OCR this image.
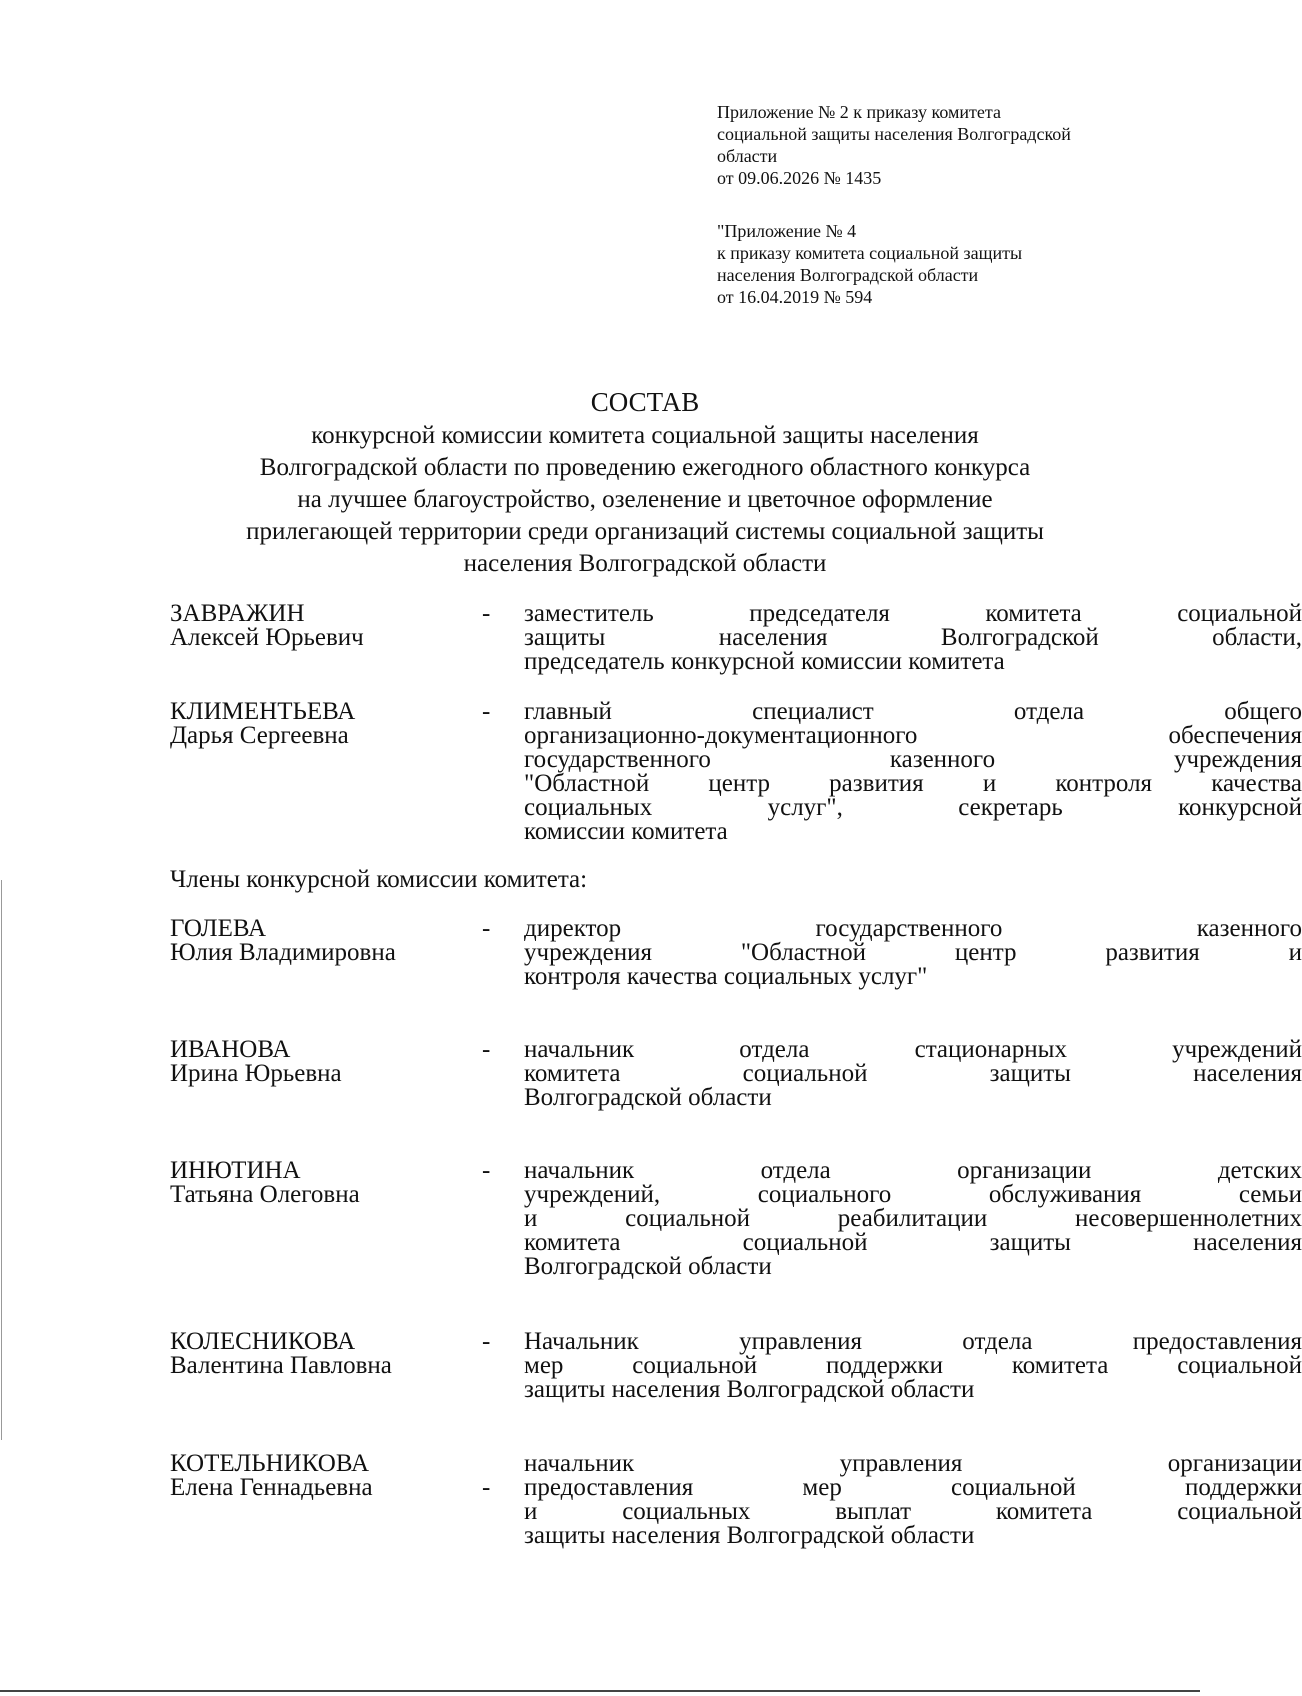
Приложение № 2 к приказу комитета
социальной защиты населения Волгоградской
области
от 09.06.2026 № 1435
"Приложение № 4
к приказу комитета социальной защиты
населения Волгоградской области
от 16.04.2019 № 594
СОСТАВ
конкурсной комиссии комитета социальной защиты населения
Волгоградской области по проведению ежегодного областного конкурса
на лучшее благоустройство, озеленение и цветочное оформление
прилегающей территории среди организаций системы социальной защиты
населения Волгоградской области
ЗАВРАЖИН
Алексей Юрьевич
- заместитель председателя комитета социальной
защиты населения Волгоградской области,
председатель конкурсной комиссии комитета
КЛИМЕНТЬЕВА
Дарья Сергеевна
- главный специалист отдела общего
организационно-документационного обеспечения
государственного казенного учреждения
"Областной центр развития и контроля качества
социальных услуг", секретарь конкурсной
комиссии комитета
Члены конкурсной комиссии комитета:
ГОЛЕВА
Юлия Владимировна
- директор государственного казенного
учреждения "Областной центр развития и
контроля качества социальных услуг"
ИВАНОВА
Ирина Юрьевна
- начальник отдела стационарных учреждений
комитета социальной защиты населения
Волгоградской области
ИНЮТИНА
Татьяна Олеговна
- начальник отдела организации детских
учреждений, социального обслуживания семьи
и социальной реабилитации несовершеннолетних
комитета социальной защиты населения
Волгоградской области
КОЛЕСНИКОВА
Валентина Павловна
- Начальник управления отдела предоставления
мер социальной поддержки комитета социальной
защиты населения Волгоградской области
КОТЕЛЬНИКОВА
Елена Геннадьевна	-
начальник управления организации
предоставления мер социальной поддержки
и социальных выплат комитета социальной
защиты населения Волгоградской области
